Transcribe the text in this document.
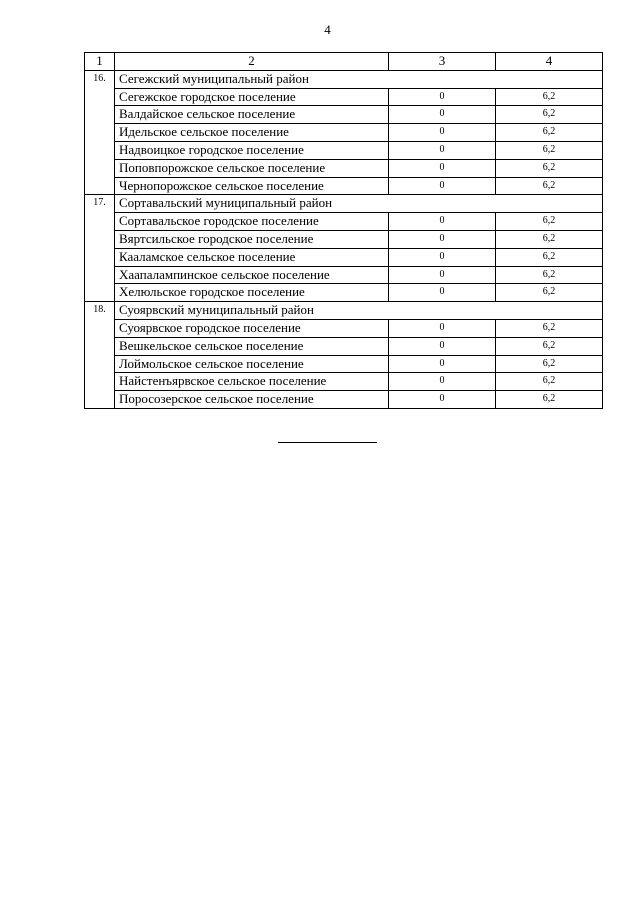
4
1	2	3	4
16.	Сегежский муниципальный район		
	Сегежское городское поселение	0	6,2
	Валдайское сельское поселение	0	6,2
	Идельское сельское поселение	0	6,2
	Надвоицкое городское поселение	0	6,2
	Поповпорожское сельское поселение	0	6,2
	Чернопорожское сельское поселение	0	6,2
17.	Сортавальский муниципальный район		
	Сортавальское городское поселение	0	6,2
	Вяртсильское городское поселение	0	6,2
	Кааламское сельское поселение	0	6,2
	Хаапалампинское сельское поселение	0	6,2
	Хелюльское городское поселение	0	6,2
18.	Суоярвский муниципальный район		
	Суоярвское городское поселение	0	6,2
	Вешкельское сельское поселение	0	6,2
	Лоймольское сельское поселение	0	6,2
	Найстенъярвское сельское поселение	0	6,2
	Поросозерское сельское поселение	0	6,2
